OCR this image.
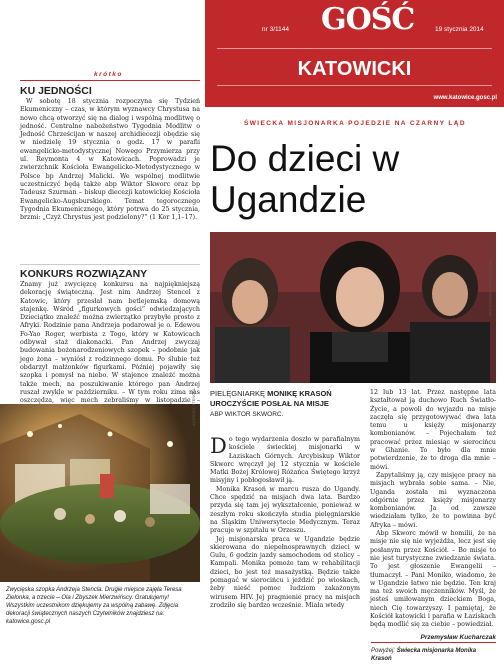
nr 3/1144 GOŚĆ	19 stycznia 2014
KATOWICKI
www.katowice.gosc.pl
krótko
KU JEDNOŚCI

W sobotę 18 stycznia rozpoczyna się Tydzień Ekumeniczny – czas, w którym wyznawcy Chrystusa na nowo chcą otworzyć się na dialog i wspólną modlitwę o jedność. Centralne nabożeństwo Tygodnia Modlitw o Jedność Chrześcijan w naszej archidiecezji obędzie się w niedzielę 19 stycznia o godz. 17 w parafii ewangelicko-metodystycznej Nowego Przymierza przy ul. Reymonta 4 w Katowicach. Poprowadzi je zwierzchnik Kościoła Ewangelicko-Metodystycznego w Polsce bp Andrzej Malicki. We wspólnej modlitwie uczestniczyć będą także abp Wiktor Skworc oraz bp Tadeusz Szurman – biskup diecezji katowickiej Kościoła Ewangelicko-Augsburskiego. Temat tegorocznego Tygodnia Ekumenicznego, który potrwa do 25 stycznia, brzmi: „Czyż Chrystus jest podzielony?” (1 Kor 1,1–17).

KONKURS ROZWIĄZANY

Znamy już zwycięzcę konkursu na najpiękniejszą dekorację świąteczną. Jest nim Andrzej Stencel z Katowic, który przesłał nam betlejemską domową stajenkę. Wśród „figurkowych gości” odwiedzających Dzieciątko znaleźć można zwierzątko przybyłe prosto z Afryki. Rodzinie pana Andrzeja podarował je o. Edewou Fo-Yao Roger, werbista z Togo, który w Katowicach odbywał staż diakonacki. Pan Andrzej zwyczaj budowania bożonarodzeniowych szopek – podobnie jak jego żona – wyniósł z rodzinnego domu. Po ślubie też obdarzył małżonków figurkami. Później pojawiły się szopka i pomysł na niebo. W stajence znaleźć można także mech, na poszukiwanie którego pan Andrzej ruszał zwykle w październiku. – W tym roku zima nas oszczędza, więc mech zebraliśmy w listopadzie –

ANDRZEJ STENCEL
Zwycięska szopka Andrzeja Stencla. Drugie miejsce zajęła Teresa Zielonka, a trzecie – Ola i Zbyszek Mierzwińscy. Gratulujemy! Wszystkim uczestnikom dziękujemy za wspólną zabawę. Zdjęcia dekoracji świątecznych naszych Czytelników znajdziesz na: katowice.gosc.pl
ŚWIECKA MISJONARKA POJEDZIE NA CZARNY LĄD
Do dzieci w Ugandzie
PRZEMYSŁAW KUCHARCZAK
PIELĘGNIARKĘ MONIKĘ KRASOŃ UROCZYŚCIE POSŁAŁ NA MISJE
ABP WIKTOR SKWORC.

Do tego wydarzenia doszło w parafialnym kościele świeckiej misjonarki w Łaziskach Górnych. Arcybiskup Wiktor Skworc wręczył jej 12 stycznia w kościele Matki Bożej Królowej Różańca Świętego krzyż misyjny i pobłogosławił ją.

Monika Krasoń w marcu rusza do Ugandy. Chce spędzić na misjach dwa lata. Bardzo przyda się tam jej wykształcenie, ponieważ w zeszłym roku skończyła studia pielęgniarskie na Śląskim Uniwersytecie Medycznym. Teraz pracuje w szpitalu w Orzeszu.

Jej misjonarska praca w Ugandzie będzie skierowana do niepełnosprawnych dzieci w Gulu, 6 godzin jazdy samochodem od stolicy – Kampali. Monika pomoże tam w rehabilitacji dzieci, bo jest też masażystką. Będzie także pomagać w sierocińcu i jeździć po wioskach, żeby nieść pomoc ludziom zakażonym wirusem HIV. Jej pragnienie pracy na misjach zrodziło się bardzo wcześnie. Miała wtedy

12 lub 13 lat. Przez następne lata kształtował ją duchowo Ruch Światło-Życie, a powoli do wyjazdu na misje zaczęła się przygotowywać dwa lata temu u księży misjonarzy kombonianów. – Pojechałam też pracować przez miesiąc w sierocińcu w Ghanie. To było dla mnie potwierdzenie, że to droga dla mnie – mówi.

Zapytaliśmy ją, czy misjęce pracy na misjach wybrała sobie sama. – Nie, Uganda została mi wyznaczona odgórnie przez księży misjonarzy kombonianów. Ja od zawsze wiedziałam tylko, że to powinna być Afryka – mówi.

Abp Skworc mówił w homilii, że na misje nie się nie wyjeżdża, lecz jest się posłanym przez Kościół. – Bo misje to nie jest turystyczne zwiedzanie świata. To jest głoszenie Ewangelii – tłumaczył. – Pani Moniko, wiadomo, że w Ugandzie łatwo nie będzie. Ten kraj ma też swoich męczenników. Myśl, że jesteś umiłowanym dzieckiem Boga, niech Cię towarzyszy. I pamiętaj, że Kościół katowicki i parafia w Łaziskach będą modlić się za ciebie – powiedział.

Przemysław Kucharczak
Powyżej: Świecka misjonarka Monika Krasoń
